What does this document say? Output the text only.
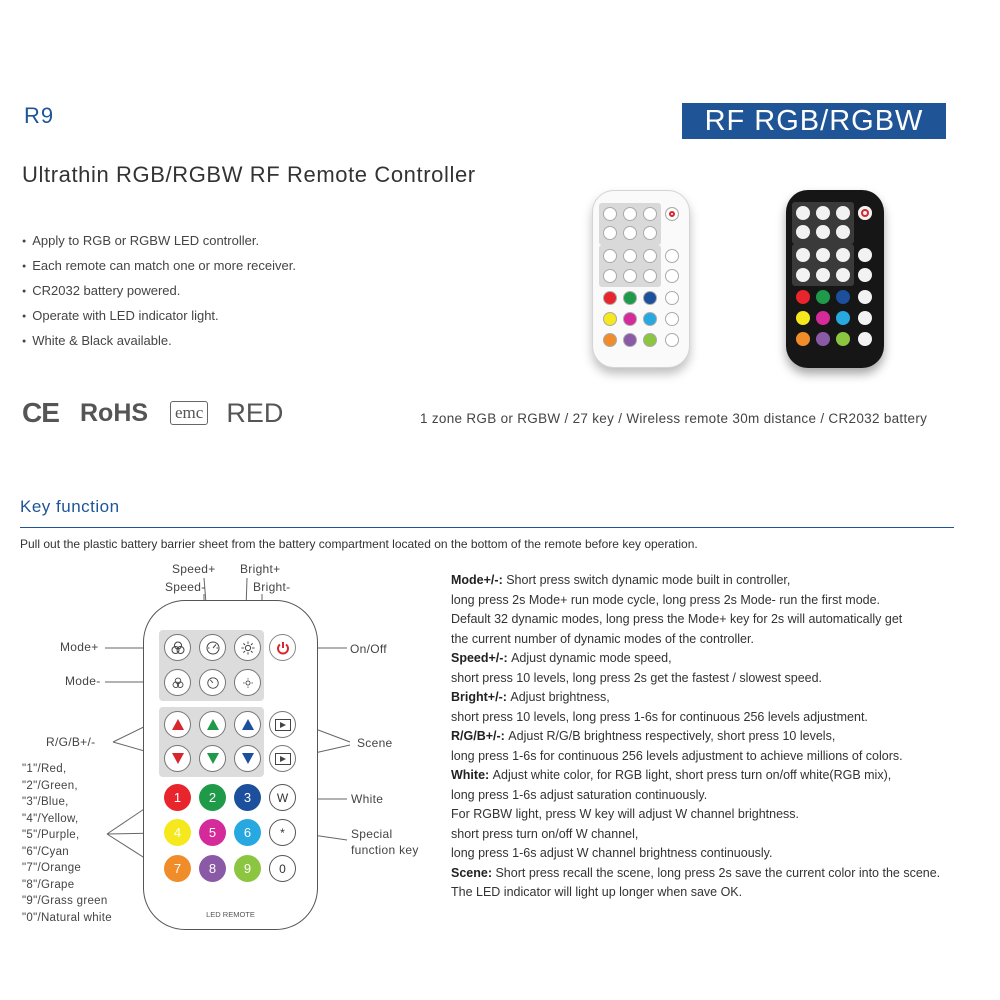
R9	RF RGB/RGBW
Ultrathin RGB/RGBW RF Remote Controller
● Apply to RGB or RGBW LED controller.
● Each remote can match one or more receiver.
● CR2032 battery powered.
● Operate with LED indicator light.
● White & Black available.
CE RoHS	emc RED	1 zone RGB or RGBW / 27 key / Wireless remote 30m distance / CR2032 battery
Key function
Pull out the plastic battery barrier sheet from the battery compartment located on the bottom of the remote before key operation.
Speed+
Speed-
Bright+
Bright-
Mode+
Mode-
On/Off
R/G/B+/-	Scene
White
Special
function key
"1"/Red,
"2"/Green,
"3"/Blue,
"4"/Yellow,
"5"/Purple,
"6"/Cyan
"7"/Orange
"8"/Grape
"9"/Grass green
"0"/Natural white
1	2	3	W
4	5	6	*
7	8	9	0
LED REMOTE

Mode+/-: Short press switch dynamic mode built in controller,

long press 2s Mode+ run mode cycle, long press 2s Mode- run the first mode.

Default 32 dynamic modes, long press the Mode+ key for 2s will automatically get

the current number of dynamic modes of the controller.

Speed+/-: Adjust dynamic mode speed,

short press 10 levels, long press 2s get the fastest / slowest speed.

Bright+/-: Adjust brightness,

short press 10 levels, long press 1-6s for continuous 256 levels adjustment.

R/G/B+/-: Adjust R/G/B brightness respectively, short press 10 levels,

long press 1-6s for continuous 256 levels adjustment to achieve millions of colors.

White: Adjust white color, for RGB light, short press turn on/off white(RGB mix),

long press 1-6s adjust saturation continuously.

For RGBW light, press W key will adjust W channel brightness.

short press turn on/off W channel,

long press 1-6s adjust W channel brightness continuously.

Scene: Short press recall the scene, long press 2s save the current color into the scene.

The LED indicator will light up longer when save OK.
